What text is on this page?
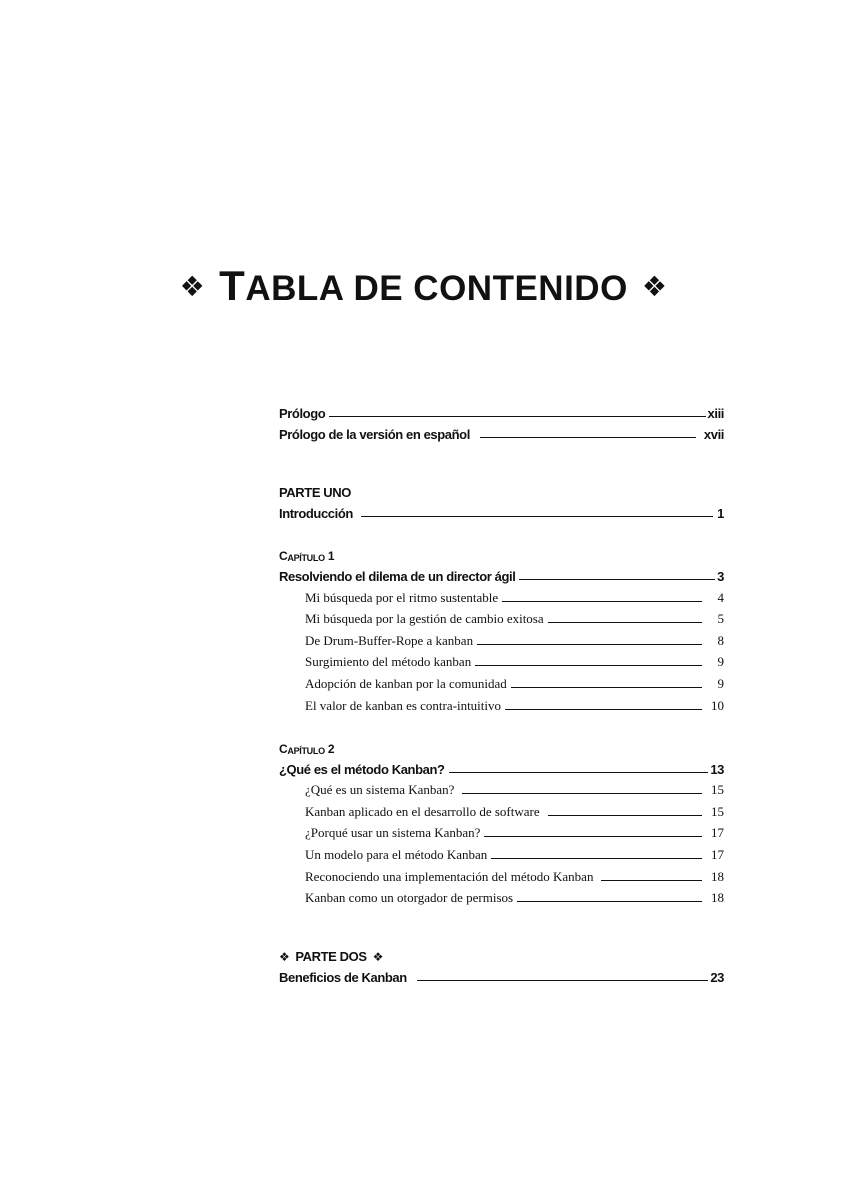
❖ TABLA DE CONTENIDO ❖
Prólogo	xiii
Prólogo de la versión en español	xvii
PARTE UNO
Introducción	1
C APÍTULO
1
Resolviendo el dilema de un director ágil	3
Mi búsqueda por el ritmo sustentable	4
Mi búsqueda por la gestión de cambio exitosa	5
De Drum-Buffer-Rope a kanban	8
Surgimiento del método kanban	9
Adopción de kanban por la comunidad	9
El valor de kanban es contra-intuitivo	10
C APÍTULO
2
¿Qué es el método Kanban?	13
¿Qué es un sistema Kanban?	15
Kanban aplicado en el desarrollo de software	15
¿Porqué usar un sistema Kanban?	17
Un modelo para el método Kanban	17
Reconociendo una implementación del método Kanban	18
Kanban como un otorgador de permisos	18
❖ PARTE DOS ❖
Beneficios de Kanban	23
